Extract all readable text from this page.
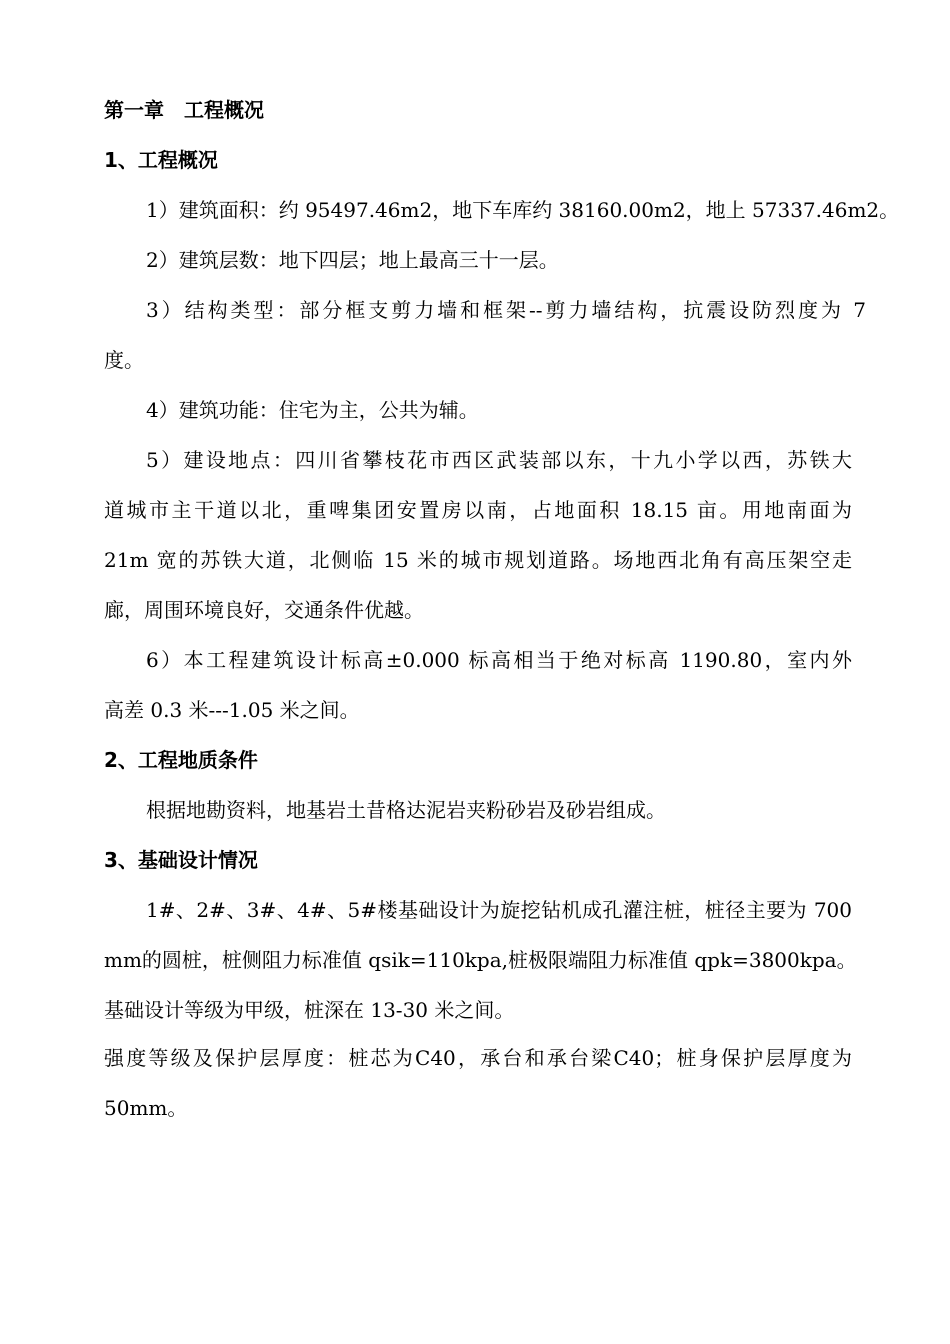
第一章　工程概况
1、工程概况
1）建筑面积：约 95497.46m2，地下车库约 38160.00m2，地上 57337.46m2。
2）建筑层数：地下四层；地上最高三十一层。
3）结构类型：部分框支剪力墙和框架--剪力墙结构，抗震设防烈度为 7
度。
4）建筑功能：住宅为主，公共为辅。
5）建设地点：四川省攀枝花市西区武装部以东，十九小学以西，苏铁大
道城市主干道以北，重啤集团安置房以南，占地面积 18.15 亩。用地南面为
21m 宽的苏铁大道，北侧临 15 米的城市规划道路。场地西北角有高压架空走
廊，周围环境良好，交通条件优越。
6）本工程建筑设计标高±0.000 标高相当于绝对标高 1190.80，室内外
高差 0.3 米---1.05 米之间。
2、工程地质条件
根据地勘资料，地基岩土昔格达泥岩夹粉砂岩及砂岩组成。
3、基础设计情况
1#、2#、3#、4#、5#楼基础设计为旋挖钻机成孔灌注桩，桩径主要为 700
mm的圆桩，桩侧阻力标准值 qsik=110kpa,桩极限端阻力标准值 qpk=3800kpa。
基础设计等级为甲级，桩深在 13-30 米之间。
强度等级及保护层厚度：桩芯为C40，承台和承台梁C40；桩身保护层厚度为
50mm。
